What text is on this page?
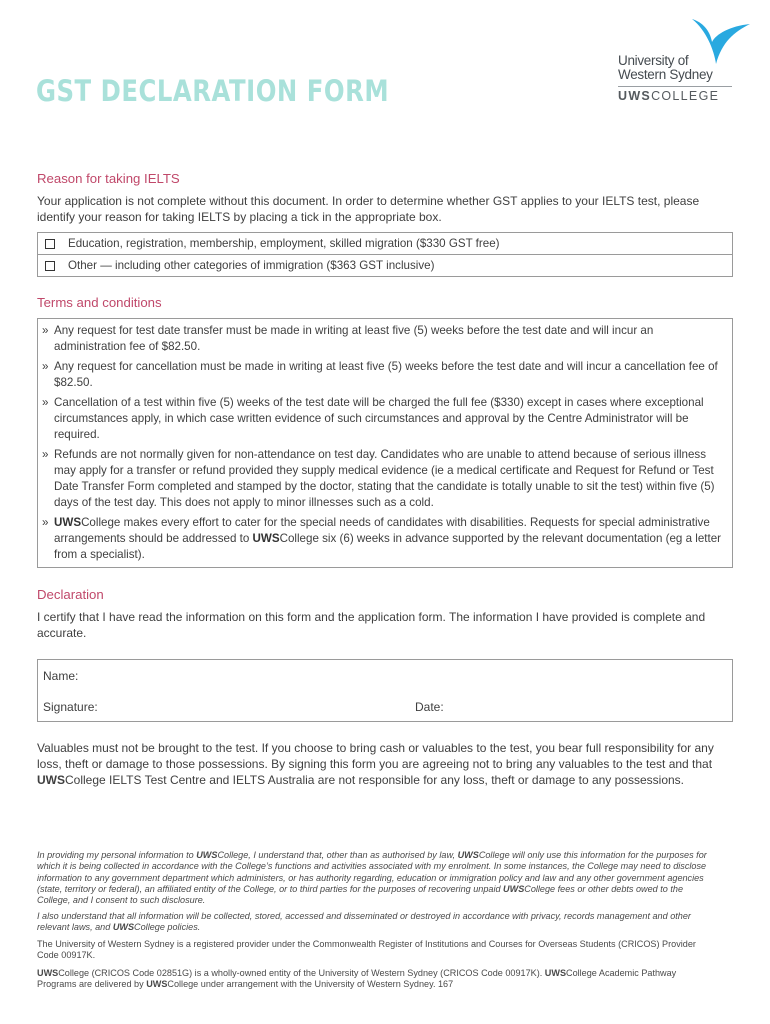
GST DECLARATION FORM
University of
Western Sydney
UWSCOLLEGE
Reason for taking IELTS

Your application is not complete without this document. In order to determine whether GST applies to your IELTS test, please identify your reason for taking IELTS by placing a tick in the appropriate box.

Education, registration, membership, employment, skilled migration ($330 GST free)
Other — including other categories of immigration ($363 GST inclusive)
Terms and conditions
» Any request for test date transfer must be made in writing at least five (5) weeks before the test date and will incur an administration fee of $82.50.
» Any request for cancellation must be made in writing at least five (5) weeks before the test date and will incur a cancellation fee of $82.50.
» Cancellation of a test within five (5) weeks of the test date will be charged the full fee ($330) except in cases where exceptional circumstances apply, in which case written evidence of such circumstances and approval by the Centre Administrator will be required.
» Refunds are not normally given for non-attendance on test day. Candidates who are unable to attend because of serious illness may apply for a transfer or refund provided they supply medical evidence (ie a medical certificate and Request for Refund or Test Date Transfer Form completed and stamped by the doctor, stating that the candidate is totally unable to sit the test) within five (5) days of the test day. This does not apply to minor illnesses such as a cold.
» UWSCollege makes every effort to cater for the special needs of candidates with disabilities. Requests for special administrative arrangements should be addressed to UWSCollege six (6) weeks in advance supported by the relevant documentation (eg a letter from a specialist).
Declaration

I certify that I have read the information on this form and the application form. The information I have provided is complete and accurate.

Name:
Signature:	Date:

Valuables must not be brought to the test. If you choose to bring cash or valuables to the test, you bear full responsibility for any loss, theft or damage to those possessions. By signing this form you are agreeing not to bring any valuables to the test and that UWSCollege IELTS Test Centre and IELTS Australia are not responsible for any loss, theft or damage to any possessions.

In providing my personal information to UWSCollege, I understand that, other than as authorised by law, UWSCollege will only use this information for the purposes for which it is being collected in accordance with the College’s functions and activities associated with my enrolment. In some instances, the College may need to disclose information to any government department which administers, or has authority regarding, education or immigration policy and law and any other government agencies (state, territory or federal), an affiliated entity of the College, or to third parties for the purposes of recovering unpaid UWSCollege fees or other debts owed to the College, and I consent to such disclosure.

I also understand that all information will be collected, stored, accessed and disseminated or destroyed in accordance with privacy, records management and other relevant laws, and UWSCollege policies.

The University of Western Sydney is a registered provider under the Commonwealth Register of Institutions and Courses for Overseas Students (CRICOS) Provider Code 00917K.

UWSCollege (CRICOS Code 02851G) is a wholly-owned entity of the University of Western Sydney (CRICOS Code 00917K). UWSCollege Academic Pathway Programs are delivered by UWSCollege under arrangement with the University of Western Sydney. 167
